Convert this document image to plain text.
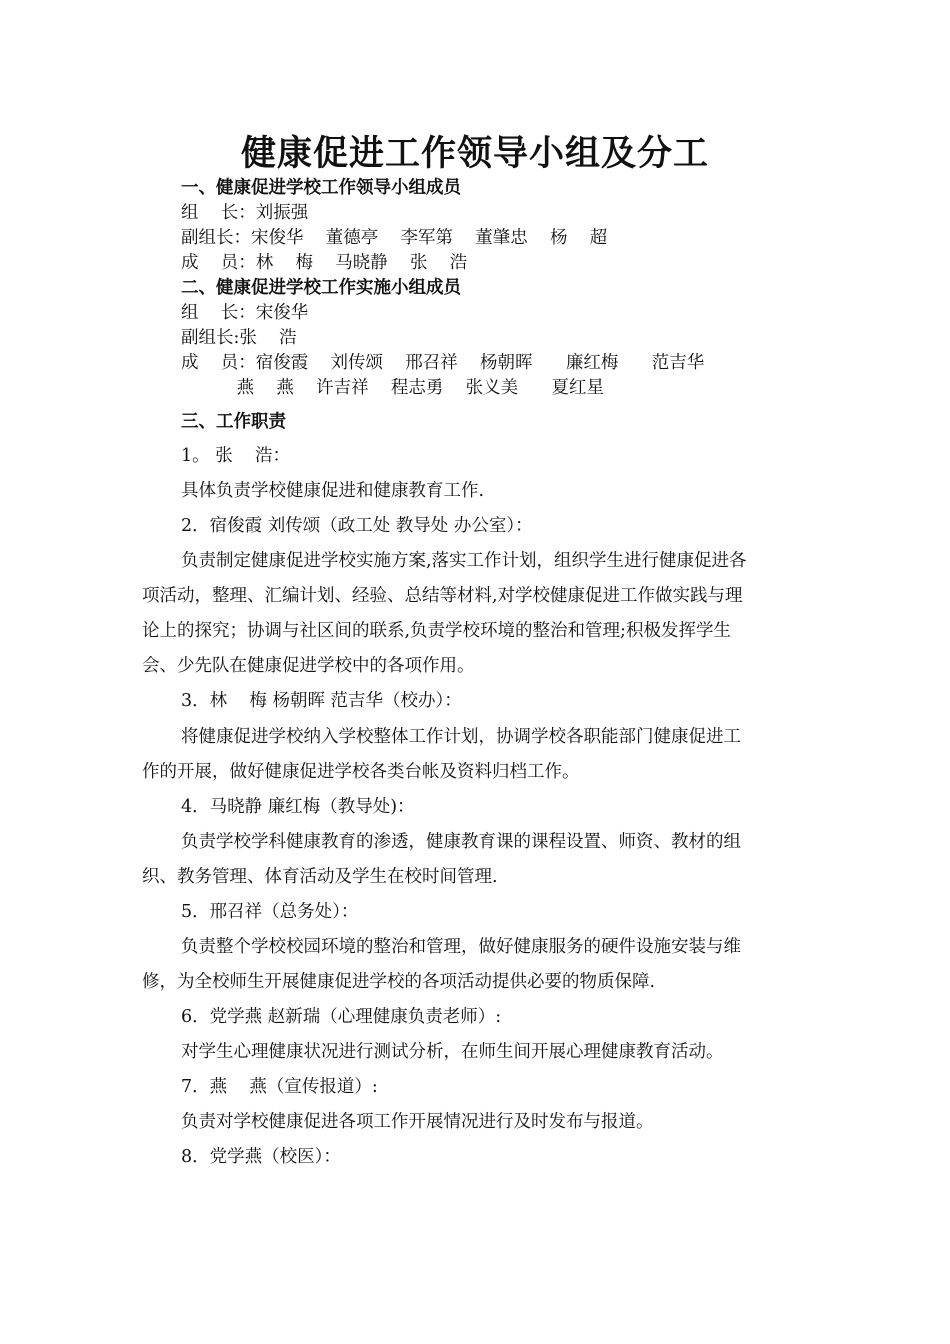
健康促进工作领导小组及分工
一、健康促进学校工作领导小组成员
组    长：刘振强
副组长：宋俊华    董德亭    李军第    董肇忠    杨    超
成    员：林    梅    马晓静    张    浩
二、健康促进学校工作实施小组成员
组    长：宋俊华
副组长:张    浩
成    员：宿俊霞    刘传颂    邢召祥    杨朝晖      廉红梅      范吉华
燕    燕    许吉祥    程志勇    张义美      夏红星
三、工作职责
1。 张    浩：
具体负责学校健康促进和健康教育工作.
2．宿俊霞 刘传颂（政工处 教导处 办公室）：
负责制定健康促进学校实施方案,落实工作计划，组织学生进行健康促进各
项活动，整理、汇编计划、经验、总结等材料,对学校健康促进工作做实践与理
论上的探究；协调与社区间的联系,负责学校环境的整治和管理;积极发挥学生
会、少先队在健康促进学校中的各项作用。
3．林    梅 杨朝晖 范吉华（校办）：
将健康促进学校纳入学校整体工作计划，协调学校各职能部门健康促进工
作的开展，做好健康促进学校各类台帐及资料归档工作。
4．马晓静 廉红梅（教导处)：
负责学校学科健康教育的渗透，健康教育课的课程设置、师资、教材的组
织、教务管理、体育活动及学生在校时间管理.
5．邢召祥（总务处）：
负责整个学校校园环境的整治和管理，做好健康服务的硬件设施安装与维
修，为全校师生开展健康促进学校的各项活动提供必要的物质保障.
6．党学燕 赵新瑞（心理健康负责老师）:
对学生心理健康状况进行测试分析，在师生间开展心理健康教育活动。
7．燕    燕（宣传报道）:
负责对学校健康促进各项工作开展情况进行及时发布与报道。
8．党学燕（校医）：
